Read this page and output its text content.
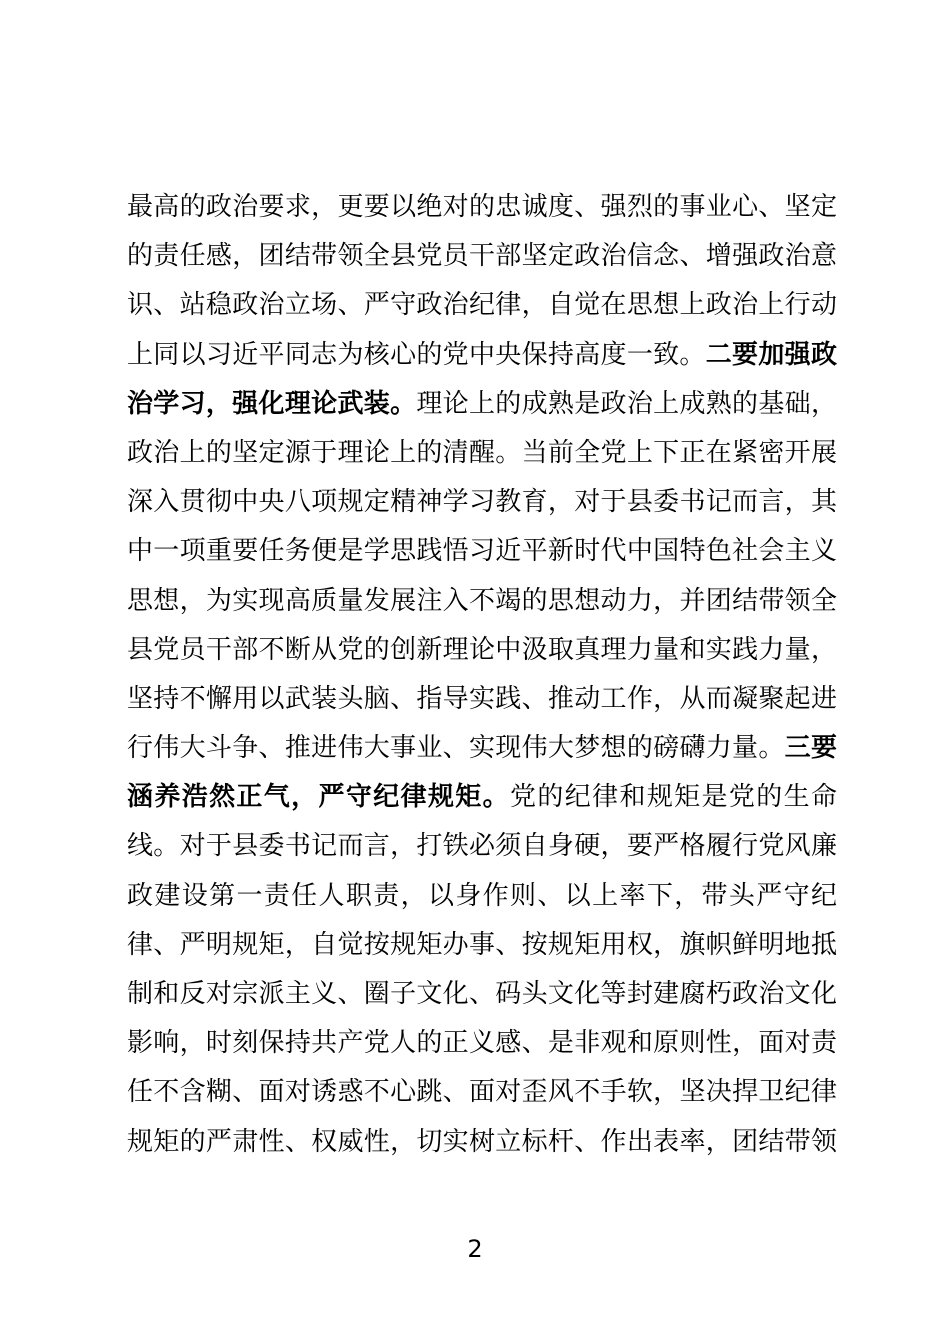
最高的政治要求，更要以绝对的忠诚度、强烈的事业心、坚定
的责任感，团结带领全县党员干部坚定政治信念、增强政治意
识、站稳政治立场、严守政治纪律，自觉在思想上政治上行动
上同以习近平同志为核心的党中央保持高度一致。二要加强政
治学习，强化理论武装。理论上的成熟是政治上成熟的基础，
政治上的坚定源于理论上的清醒。当前全党上下正在紧密开展
深入贯彻中央八项规定精神学习教育，对于县委书记而言，其
中一项重要任务便是学思践悟习近平新时代中国特色社会主义
思想，为实现高质量发展注入不竭的思想动力，并团结带领全
县党员干部不断从党的创新理论中汲取真理力量和实践力量，
坚持不懈用以武装头脑、指导实践、推动工作，从而凝聚起进
行伟大斗争、推进伟大事业、实现伟大梦想的磅礴力量。三要
涵养浩然正气，严守纪律规矩。党的纪律和规矩是党的生命
线。对于县委书记而言，打铁必须自身硬，要严格履行党风廉
政建设第一责任人职责，以身作则、以上率下，带头严守纪
律、严明规矩，自觉按规矩办事、按规矩用权，旗帜鲜明地抵
制和反对宗派主义、圈子文化、码头文化等封建腐朽政治文化
影响，时刻保持共产党人的正义感、是非观和原则性，面对责
任不含糊、面对诱惑不心跳、面对歪风不手软，坚决捍卫纪律
规矩的严肃性、权威性，切实树立标杆、作出表率，团结带领
2
